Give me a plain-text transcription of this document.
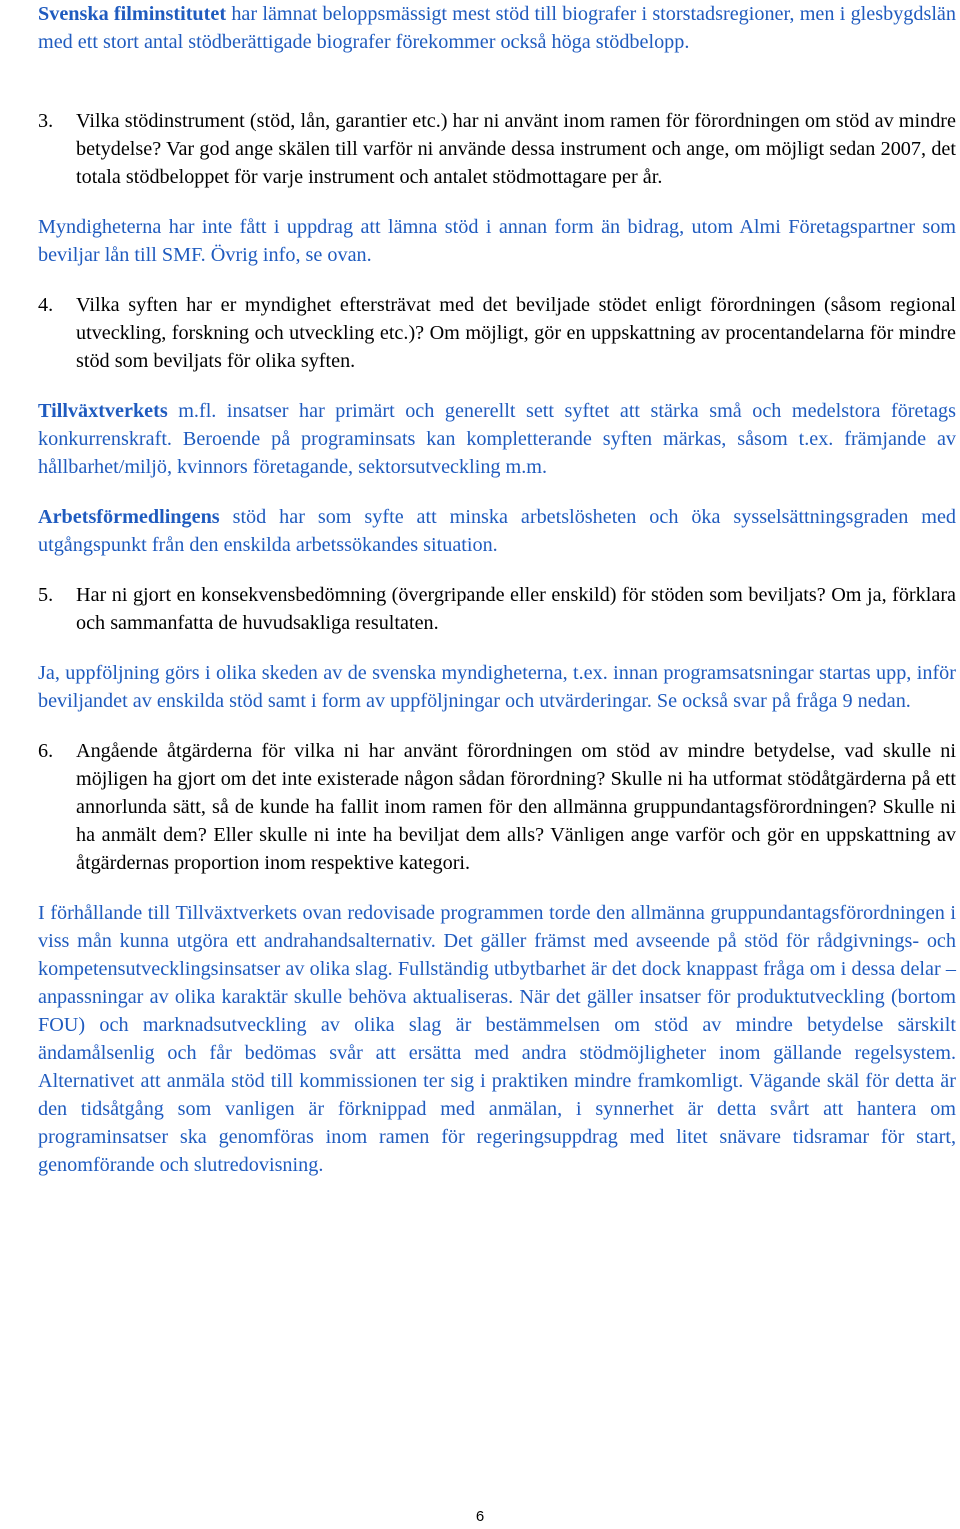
Svenska filminstitutet har lämnat beloppsmässigt mest stöd till biografer i storstadsregioner, men i glesbygdslän med ett stort antal stödberättigade biografer förekommer också höga stödbelopp.

3. Vilka stödinstrument (stöd, lån, garantier etc.) har ni använt inom ramen för förordningen om stöd av mindre betydelse? Var god ange skälen till varför ni använde dessa instrument och ange, om möjligt sedan 2007, det totala stödbeloppet för varje instrument och antalet stödmottagare per år.

Myndigheterna har inte fått i uppdrag att lämna stöd i annan form än bidrag, utom Almi Företagspartner som beviljar lån till SMF. Övrig info, se ovan.

4. Vilka syften har er myndighet eftersträvat med det beviljade stödet enligt förordningen (såsom regional utveckling, forskning och utveckling etc.)? Om möjligt, gör en uppskattning av procentandelarna för mindre stöd som beviljats för olika syften.

Tillväxtverkets m.fl. insatser har primärt och generellt sett syftet att stärka små och medelstora företags konkurrenskraft. Beroende på programinsats kan kompletterande syften märkas, såsom t.ex. främjande av hållbarhet/miljö, kvinnors företagande, sektorsutveckling m.m.

Arbetsförmedlingens stöd har som syfte att minska arbetslösheten och öka sysselsättningsgraden med utgångspunkt från den enskilda arbetssökandes situation.

5. Har ni gjort en konsekvensbedömning (övergripande eller enskild) för stöden som beviljats? Om ja, förklara och sammanfatta de huvudsakliga resultaten.

Ja, uppföljning görs i olika skeden av de svenska myndigheterna, t.ex. innan programsatsningar startas upp, inför beviljandet av enskilda stöd samt i form av uppföljningar och utvärderingar. Se också svar på fråga 9 nedan.

6. Angående åtgärderna för vilka ni har använt förordningen om stöd av mindre betydelse, vad skulle ni möjligen ha gjort om det inte existerade någon sådan förordning? Skulle ni ha utformat stödåtgärderna på ett annorlunda sätt, så de kunde ha fallit inom ramen för den allmänna gruppundantagsförordningen? Skulle ni ha anmält dem? Eller skulle ni inte ha beviljat dem alls? Vänligen ange varför och gör en uppskattning av åtgärdernas proportion inom respektive kategori.

I förhållande till Tillväxtverkets ovan redovisade programmen torde den allmänna gruppundantagsförordningen i viss mån kunna utgöra ett andrahandsalternativ. Det gäller främst med avseende på stöd för rådgivnings- och kompetensutvecklingsinsatser av olika slag. Fullständig utbytbarhet är det dock knappast fråga om i dessa delar – anpassningar av olika karaktär skulle behöva aktualiseras. När det gäller insatser för produktutveckling (bortom FOU) och marknadsutveckling av olika slag är bestämmelsen om stöd av mindre betydelse särskilt ändamålsenlig och får bedömas svår att ersätta med andra stödmöjligheter inom gällande regelsystem. Alternativet att anmäla stöd till kommissionen ter sig i praktiken mindre framkomligt. Vägande skäl för detta är den tidsåtgång som vanligen är förknippad med anmälan, i synnerhet är detta svårt att hantera om programinsatser ska genomföras inom ramen för regeringsuppdrag med litet snävare tidsramar för start, genomförande och slutredovisning.

6
